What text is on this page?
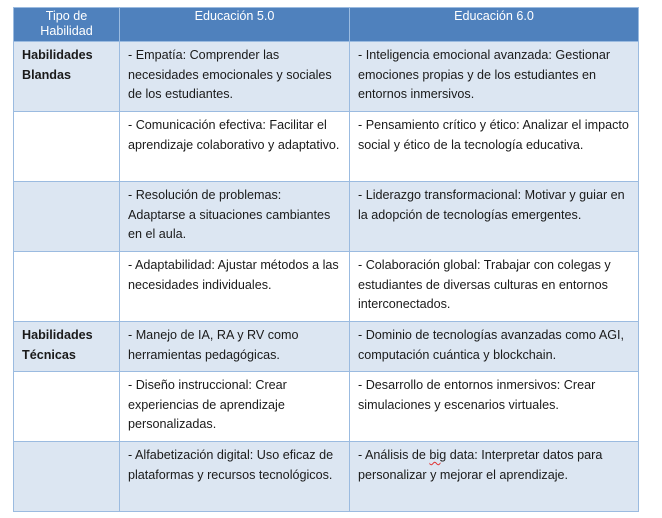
Tipo de Habilidad	Educación 5.0	Educación 6.0
Habilidades Blandas	- Empatía: Comprender las necesidades emocionales y sociales de los estudiantes.	- Inteligencia emocional avanzada: Gestionar emociones propias y de los estudiantes en entornos inmersivos.
	- Comunicación efectiva: Facilitar el aprendizaje colaborativo y adaptativo.	- Pensamiento crítico y ético: Analizar el impacto social y ético de la tecnología educativa.
	- Resolución de problemas: Adaptarse a situaciones cambiantes en el aula.	- Liderazgo transformacional: Motivar y guiar en la adopción de tecnologías emergentes.
	- Adaptabilidad: Ajustar métodos a las necesidades individuales.	- Colaboración global: Trabajar con colegas y estudiantes de diversas culturas en entornos interconectados.
Habilidades Técnicas	- Manejo de IA, RA y RV como herramientas pedagógicas.	- Dominio de tecnologías avanzadas como AGI, computación cuántica y blockchain.
	- Diseño instruccional: Crear experiencias de aprendizaje personalizadas.	- Desarrollo de entornos inmersivos: Crear simulaciones y escenarios virtuales.
	- Alfabetización digital: Uso eficaz de plataformas y recursos tecnológicos.	- Análisis de big data: Interpretar datos para personalizar y mejorar el aprendizaje.
